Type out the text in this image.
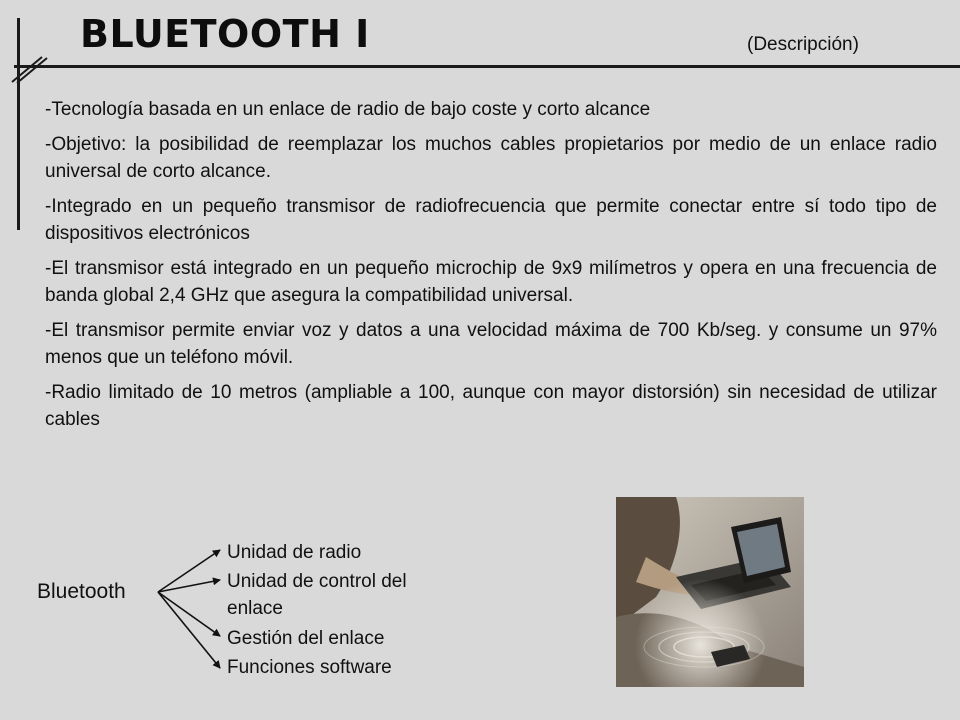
BLUETOOTH I	(Descripción)

-Tecnología basada en un enlace de radio de bajo coste y corto alcance

-Objetivo: la posibilidad de reemplazar los muchos cables propietarios por medio de un enlace radio universal de corto alcance.

-Integrado en un pequeño transmisor de radiofrecuencia que permite conectar entre sí todo tipo de dispositivos electrónicos

-El transmisor está integrado en un pequeño microchip de 9x9 milímetros y opera en una frecuencia de banda global 2,4 GHz que asegura la compatibilidad universal.

-El transmisor permite enviar voz y datos a una velocidad máxima de 700 Kb/seg. y consume un 97% menos que un teléfono móvil.

-Radio limitado de 10 metros (ampliable a 100, aunque con mayor distorsión) sin necesidad de utilizar cables

Bluetooth
Unidad de radio
Unidad de control del enlace
Gestión del enlace
Funciones software
